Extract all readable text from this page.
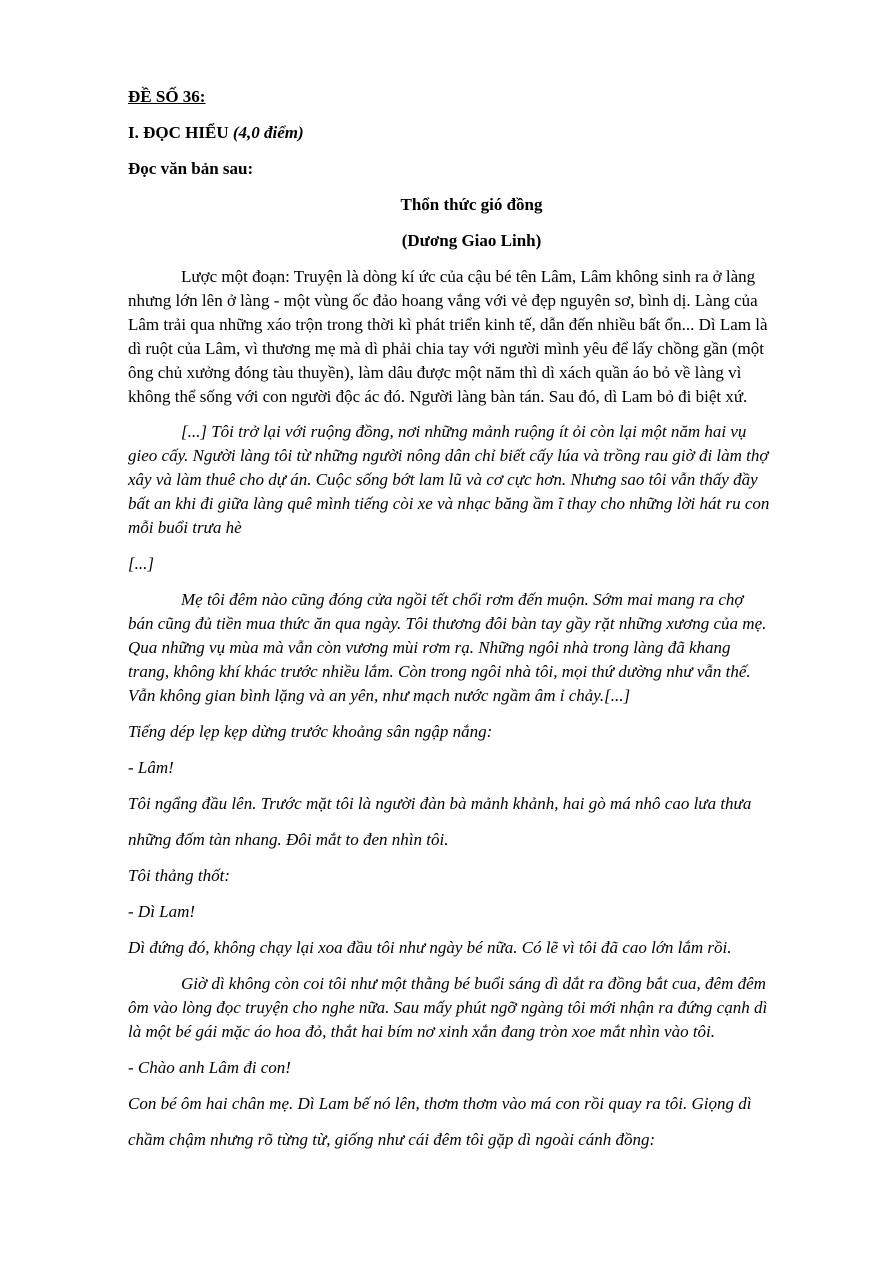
ĐỀ SỐ 36:
I. ĐỌC HIỂU (4,0 điểm)
Đọc văn bản sau:
Thổn thức gió đồng
(Dương Giao Linh)
Lược một đoạn: Truyện là dòng kí ức của cậu bé tên Lâm, Lâm không sinh ra ở làng
nhưng lớn lên ở làng - một vùng ốc đảo hoang vắng với vẻ đẹp nguyên sơ, bình dị. Làng của
Lâm trải qua những xáo trộn trong thời kì phát triển kinh tế, dẫn đến nhiều bất ổn... Dì Lam là
dì ruột của Lâm, vì thương mẹ mà dì phải chia tay với người mình yêu để lấy chồng gần (một
ông chủ xưởng đóng tàu thuyền), làm dâu được một năm thì dì xách quần áo bỏ về làng vì
không thể sống với con người độc ác đó. Người làng bàn tán. Sau đó, dì Lam bỏ đi biệt xứ.
[...] Tôi trở lại với ruộng đồng, nơi những mảnh ruộng ít ỏi còn lại một năm hai vụ
gieo cấy. Người làng tôi từ những người nông dân chỉ biết cấy lúa và trồng rau giờ đi làm thợ
xây và làm thuê cho dự án. Cuộc sống bớt lam lũ và cơ cực hơn. Nhưng sao tôi vẫn thấy đầy
bất an khi đi giữa làng quê mình tiếng còi xe và nhạc băng ầm ĩ thay cho những lời hát ru con
mỗi buổi trưa hè
[...]
Mẹ tôi đêm nào cũng đóng cửa ngồi tết chổi rơm đến muộn. Sớm mai mang ra chợ
bán cũng đủ tiền mua thức ăn qua ngày. Tôi thương đôi bàn tay gầy rặt những xương của mẹ.
Qua những vụ mùa mà vẫn còn vương mùi rơm rạ. Những ngôi nhà trong làng đã khang
trang, không khí khác trước nhiều lắm. Còn trong ngôi nhà tôi, mọi thứ dường như vẫn thế.
Vẫn không gian bình lặng và an yên, như mạch nước ngầm âm ỉ chảy.[...]
Tiếng dép lẹp kẹp dừng trước khoảng sân ngập nắng:
- Lâm!
Tôi ngẩng đầu lên. Trước mặt tôi là người đàn bà mảnh khảnh, hai gò má nhô cao lưa thưa
những đốm tàn nhang. Đôi mắt to đen nhìn tôi.
Tôi thảng thốt:
- Dì Lam!
Dì đứng đó, không chạy lại xoa đầu tôi như ngày bé nữa. Có lẽ vì tôi đã cao lớn lắm rồi.
Giờ dì không còn coi tôi như một thằng bé buổi sáng dì dắt ra đồng bắt cua, đêm đêm
ôm vào lòng đọc truyện cho nghe nữa. Sau mấy phút ngỡ ngàng tôi mới nhận ra đứng cạnh dì
là một bé gái mặc áo hoa đỏ, thắt hai bím nơ xinh xắn đang tròn xoe mắt nhìn vào tôi.
- Chào anh Lâm đi con!
Con bé ôm hai chân mẹ. Dì Lam bế nó lên, thơm thơm vào má con rồi quay ra tôi. Giọng dì
chầm chậm nhưng rõ từng từ, giống như cái đêm tôi gặp dì ngoài cánh đồng:
